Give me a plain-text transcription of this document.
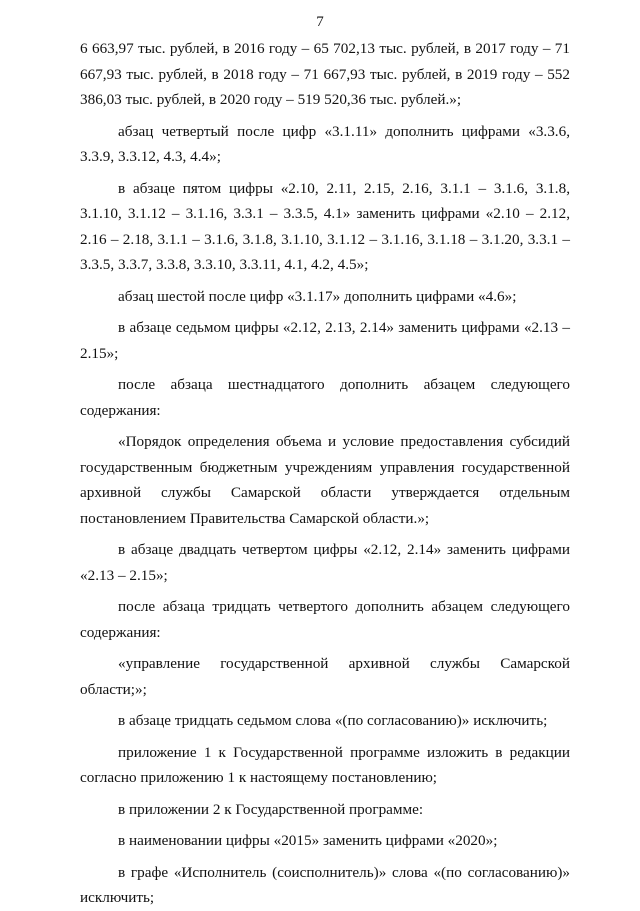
7

6 663,97 тыс. рублей, в 2016 году – 65 702,13 тыс. рублей, в 2017 году – 71 667,93 тыс. рублей, в 2018 году – 71 667,93 тыс. рублей, в 2019 году – 552 386,03 тыс. рублей, в 2020 году – 519 520,36 тыс. рублей.»;

абзац четвертый после цифр «3.1.11» дополнить цифрами «3.3.6, 3.3.9, 3.3.12, 4.3, 4.4»;

в абзаце пятом цифры «2.10, 2.11, 2.15, 2.16, 3.1.1 – 3.1.6, 3.1.8, 3.1.10, 3.1.12 – 3.1.16, 3.3.1 – 3.3.5, 4.1» заменить цифрами «2.10 – 2.12, 2.16 – 2.18, 3.1.1 – 3.1.6, 3.1.8, 3.1.10, 3.1.12 – 3.1.16, 3.1.18 – 3.1.20, 3.3.1 – 3.3.5, 3.3.7, 3.3.8, 3.3.10, 3.3.11, 4.1, 4.2, 4.5»;

абзац шестой после цифр «3.1.17» дополнить цифрами «4.6»;

в абзаце седьмом цифры «2.12, 2.13, 2.14» заменить цифрами «2.13 – 2.15»;

после абзаца шестнадцатого дополнить абзацем следующего содержания:

«Порядок определения объема и условие предоставления субсидий государственным бюджетным учреждениям управления государственной архивной службы Самарской области утверждается отдельным постановлением Правительства Самарской области.»;

в абзаце двадцать четвертом цифры «2.12, 2.14» заменить цифрами «2.13 – 2.15»;

после абзаца тридцать четвертого дополнить абзацем следующего содержания:

«управление государственной архивной службы Самарской области;»;

в абзаце тридцать седьмом слова «(по согласованию)» исключить;

приложение 1 к Государственной программе изложить в редакции согласно приложению 1 к настоящему постановлению;

в приложении 2 к Государственной программе:

в наименовании цифры «2015» заменить цифрами «2020»;

в графе «Исполнитель (соисполнитель)» слова «(по согласованию)» исключить;
